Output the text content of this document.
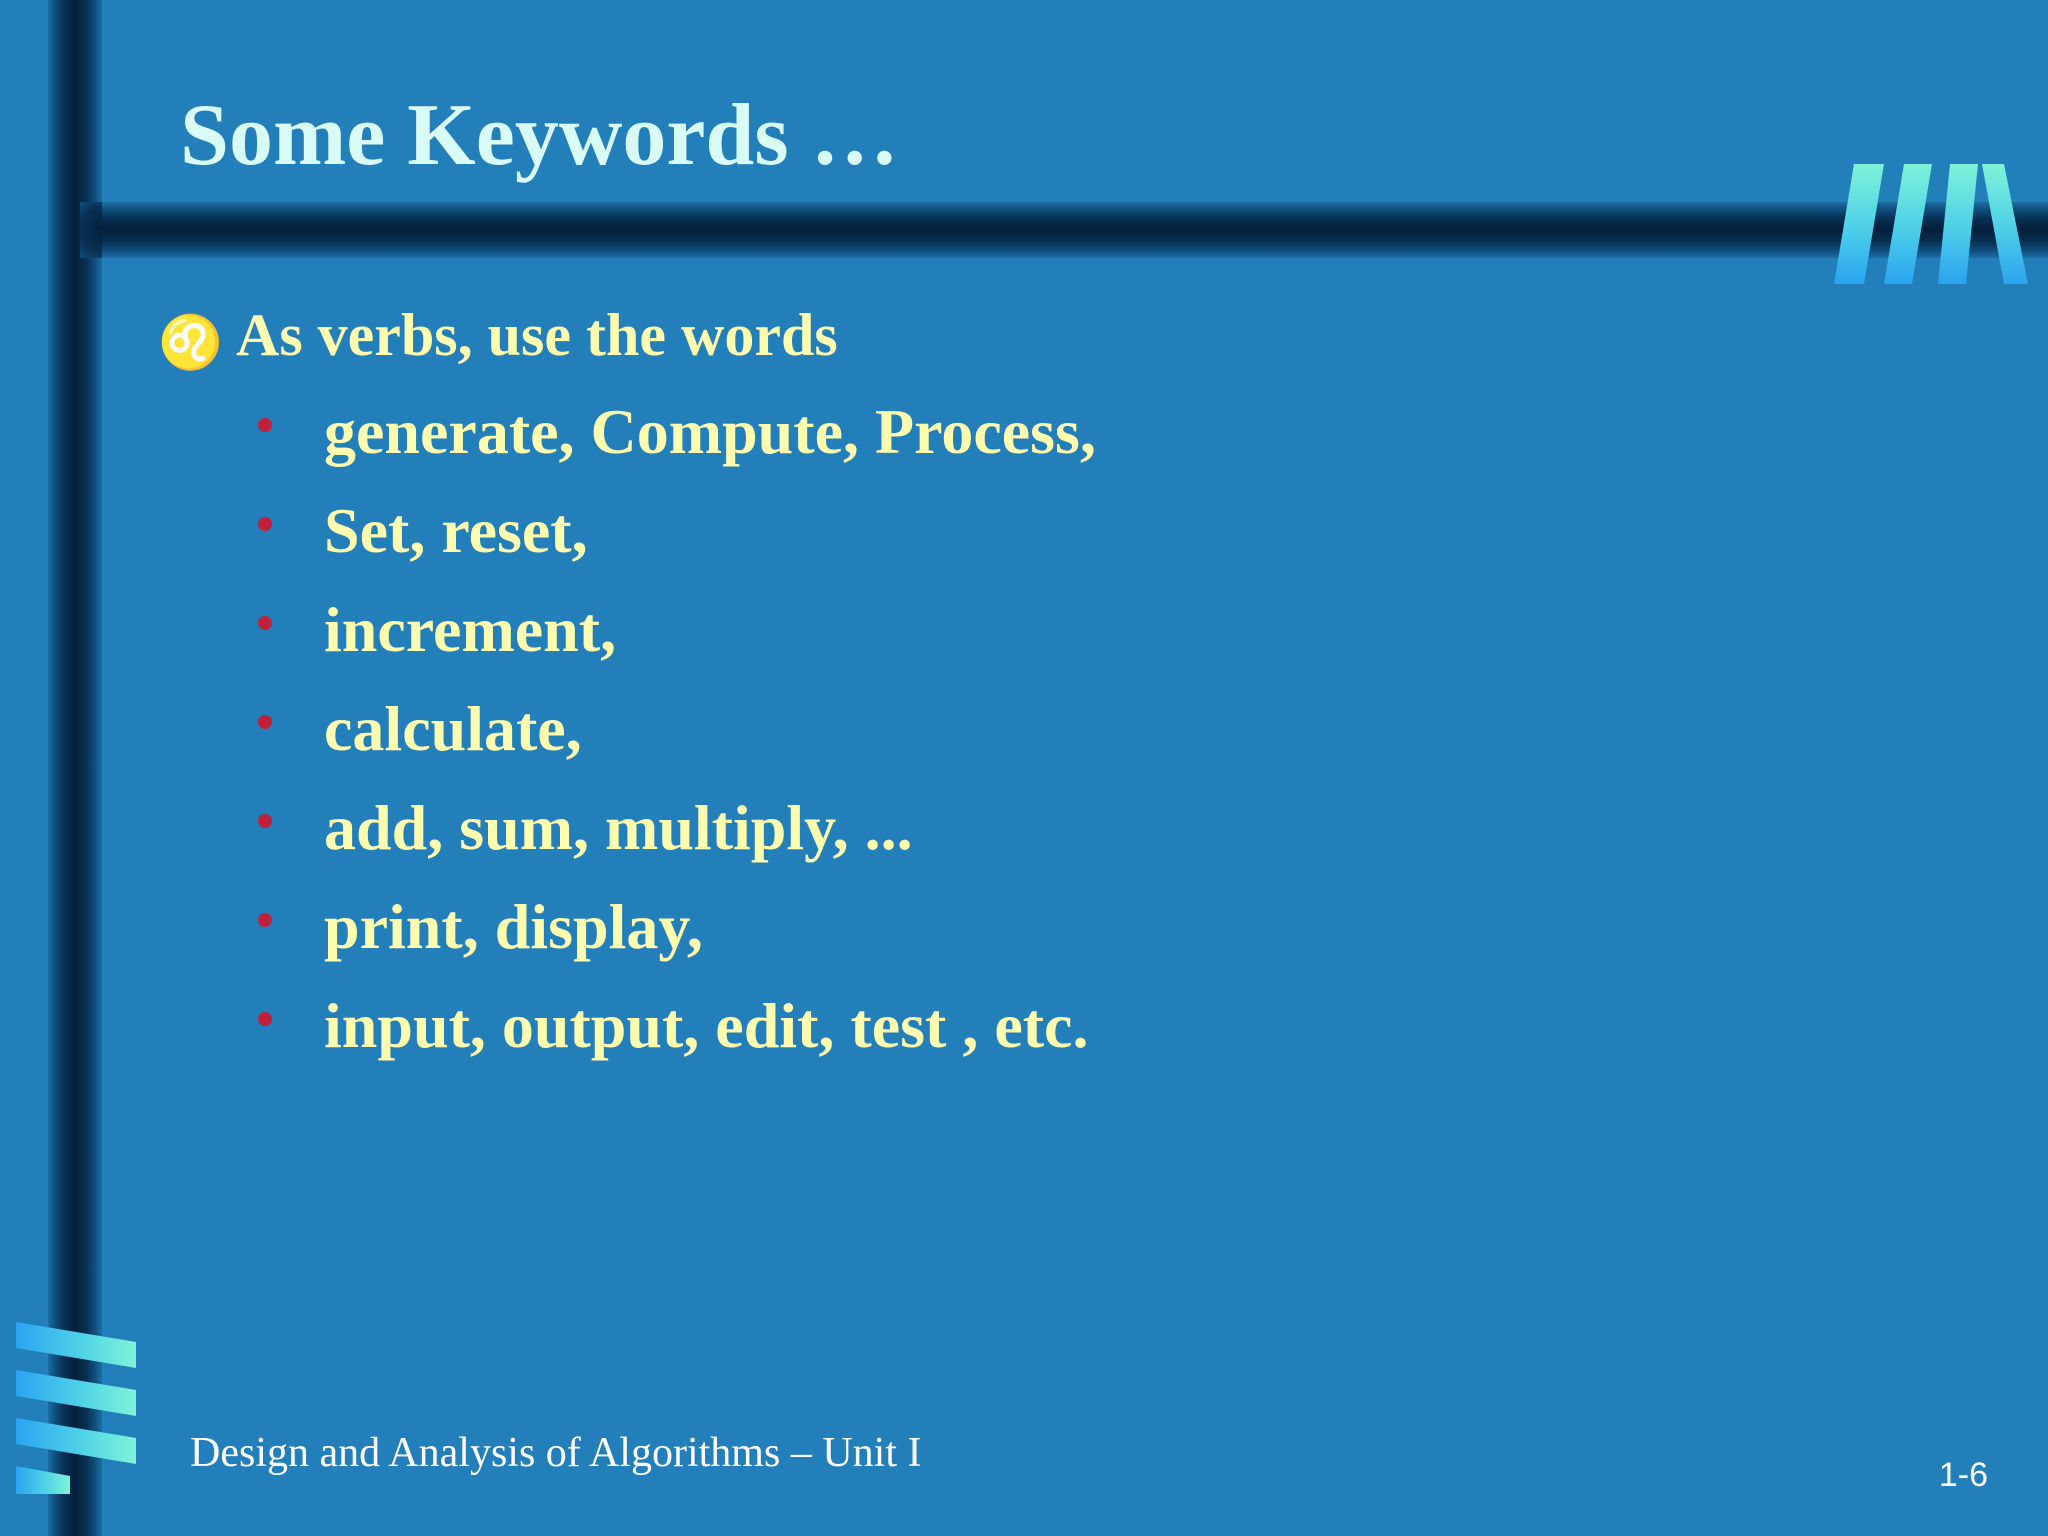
Some Keywords …
♌ As verbs, use the words
generate, Compute, Process,
Set, reset,
increment,
calculate,
add, sum, multiply, ...
print, display,
input, output, edit, test , etc.
Design and Analysis of Algorithms – Unit I	1-6
